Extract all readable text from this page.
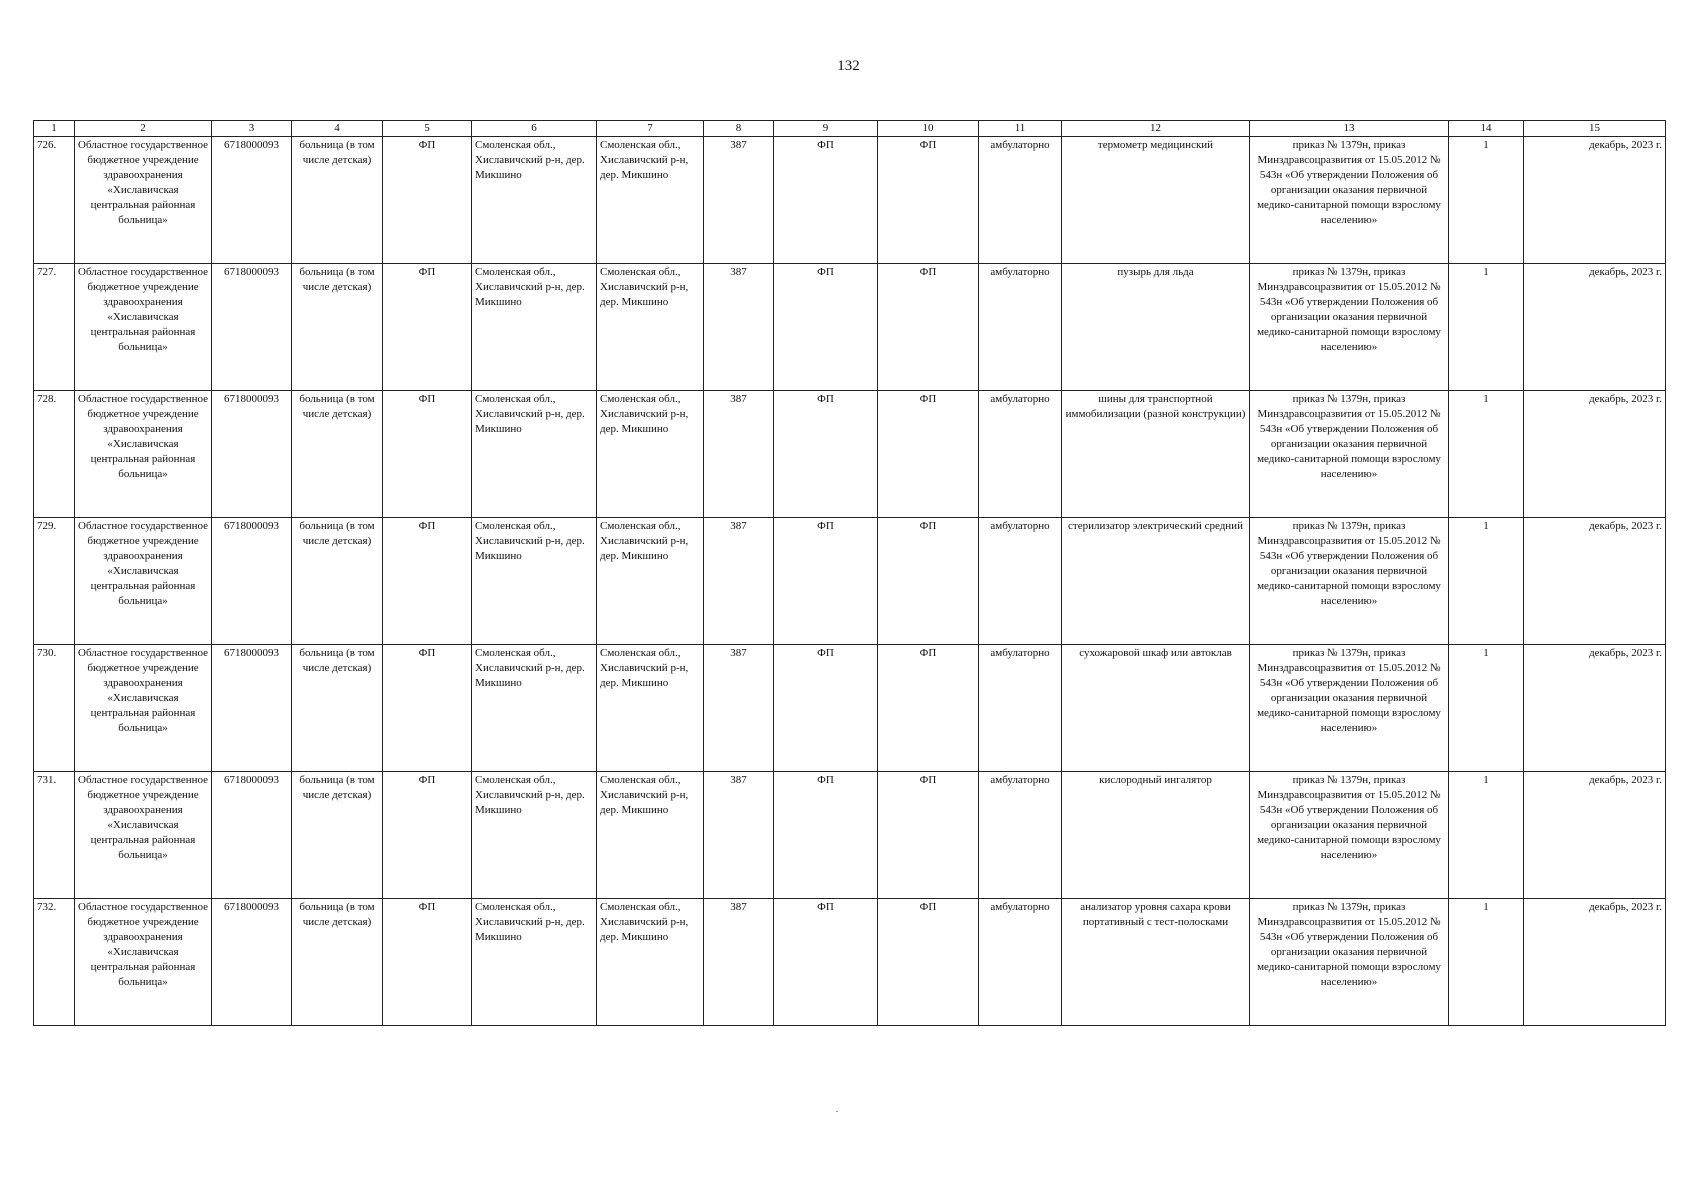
132
1	2	3	4	5	6	7	8	9	10	11	12	13	14	15
726.	Областное государственное бюджетное учреждение здравоохранения «Хиславичская центральная районная больница»	6718000093	больница (в том числе детская)	ФП	Смоленская обл., Хиславичский р-н, дер. Микшино	Смоленская обл., Хиславичский р-н, дер. Микшино	387	ФП	ФП	амбулаторно	термометр медицинский	приказ № 1379н, приказ Минздравсоцразвития от 15.05.2012 № 543н «Об утверждении Положения об организации оказания первичной медико-санитарной помощи взрослому населению»	1	декабрь, 2023 г.
727.	Областное государственное бюджетное учреждение здравоохранения «Хиславичская центральная районная больница»	6718000093	больница (в том числе детская)	ФП	Смоленская обл., Хиславичский р-н, дер. Микшино	Смоленская обл., Хиславичский р-н, дер. Микшино	387	ФП	ФП	амбулаторно	пузырь для льда	приказ № 1379н, приказ Минздравсоцразвития от 15.05.2012 № 543н «Об утверждении Положения об организации оказания первичной медико-санитарной помощи взрослому населению»	1	декабрь, 2023 г.
728.	Областное государственное бюджетное учреждение здравоохранения «Хиславичская центральная районная больница»	6718000093	больница (в том числе детская)	ФП	Смоленская обл., Хиславичский р-н, дер. Микшино	Смоленская обл., Хиславичский р-н, дер. Микшино	387	ФП	ФП	амбулаторно	шины для транспортной иммобилизации (разной конструкции)	приказ № 1379н, приказ Минздравсоцразвития от 15.05.2012 № 543н «Об утверждении Положения об организации оказания первичной медико-санитарной помощи взрослому населению»	1	декабрь, 2023 г.
729.	Областное государственное бюджетное учреждение здравоохранения «Хиславичская центральная районная больница»	6718000093	больница (в том числе детская)	ФП	Смоленская обл., Хиславичский р-н, дер. Микшино	Смоленская обл., Хиславичский р-н, дер. Микшино	387	ФП	ФП	амбулаторно	стерилизатор электрический средний	приказ № 1379н, приказ Минздравсоцразвития от 15.05.2012 № 543н «Об утверждении Положения об организации оказания первичной медико-санитарной помощи взрослому населению»	1	декабрь, 2023 г.
730.	Областное государственное бюджетное учреждение здравоохранения «Хиславичская центральная районная больница»	6718000093	больница (в том числе детская)	ФП	Смоленская обл., Хиславичский р-н, дер. Микшино	Смоленская обл., Хиславичский р-н, дер. Микшино	387	ФП	ФП	амбулаторно	сухожаровой шкаф или автоклав	приказ № 1379н, приказ Минздравсоцразвития от 15.05.2012 № 543н «Об утверждении Положения об организации оказания первичной медико-санитарной помощи взрослому населению»	1	декабрь, 2023 г.
731.	Областное государственное бюджетное учреждение здравоохранения «Хиславичская центральная районная больница»	6718000093	больница (в том числе детская)	ФП	Смоленская обл., Хиславичский р-н, дер. Микшино	Смоленская обл., Хиславичский р-н, дер. Микшино	387	ФП	ФП	амбулаторно	кислородный ингалятор	приказ № 1379н, приказ Минздравсоцразвития от 15.05.2012 № 543н «Об утверждении Положения об организации оказания первичной медико-санитарной помощи взрослому населению»	1	декабрь, 2023 г.
732.	Областное государственное бюджетное учреждение здравоохранения «Хиславичская центральная районная больница»	6718000093	больница (в том числе детская)	ФП	Смоленская обл., Хиславичский р-н, дер. Микшино	Смоленская обл., Хиславичский р-н, дер. Микшино	387	ФП	ФП	амбулаторно	анализатор уровня сахара крови портативный с тест-полосками	приказ № 1379н, приказ Минздравсоцразвития от 15.05.2012 № 543н «Об утверждении Положения об организации оказания первичной медико-санитарной помощи взрослому населению»	1	декабрь, 2023 г.
